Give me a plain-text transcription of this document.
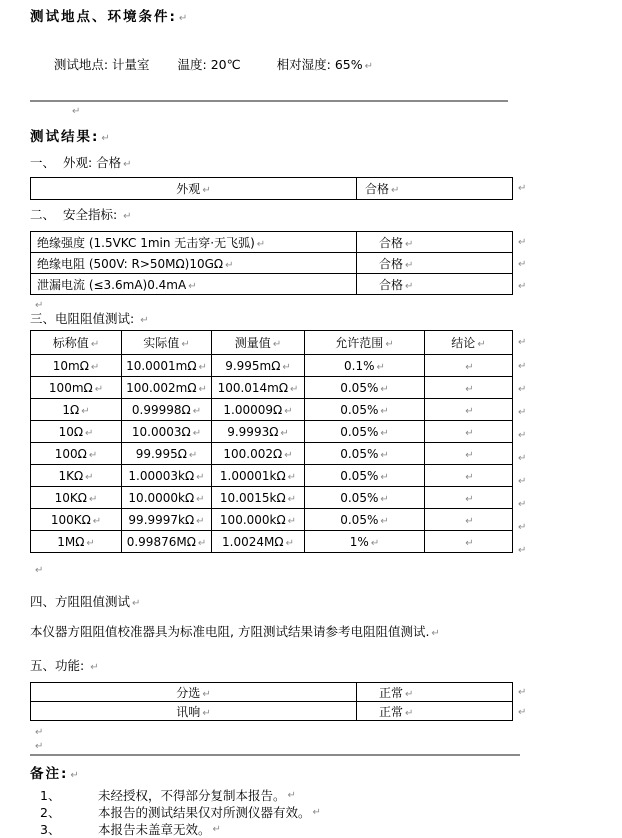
测试地点、环境条件: ↵

测试地点: 计量室 温度: 20℃	相对湿度: 65% ↵

↵
测试结果: ↵
一、  外观: 合格 ↵
外观 ↵	合格 ↵	↵
二、  安全指标: ↵
绝缘强度 (1.5VKC 1min 无击穿·无飞弧) ↵	合格 ↵
绝缘电阻 (500V: R>50MΩ)10GΩ ↵	合格 ↵
泄漏电流 (≤3.6mA)0.4mA ↵	合格 ↵
↵
↵
↵
↵
三、电阻阻值测试: ↵
标称值 ↵	实际值 ↵	测量值 ↵	允许范围 ↵	结论 ↵
10mΩ ↵	10.0001mΩ ↵	9.995mΩ ↵	0.1% ↵	↵
100mΩ ↵	100.002mΩ ↵	100.014mΩ ↵	0.05% ↵	↵
1Ω ↵	0.99998Ω ↵	1.00009Ω ↵	0.05% ↵	↵
10Ω ↵	10.0003Ω ↵	9.9993Ω ↵	0.05% ↵	↵
100Ω ↵	99.995Ω ↵	100.002Ω ↵	0.05% ↵	↵
1KΩ ↵	1.00003kΩ ↵	1.00001kΩ ↵	0.05% ↵	↵
10KΩ ↵	10.0000kΩ ↵	10.0015kΩ ↵	0.05% ↵	↵
100KΩ ↵	99.9997kΩ ↵	100.000kΩ ↵	0.05% ↵	↵
1MΩ ↵	0.99876MΩ ↵	1.0024MΩ ↵	1% ↵	↵
↵
↵
↵
↵
↵
↵
↵
↵
↵
↵
↵
四、方阻阻值测试 ↵
本仪器方阻阻值校准器具为标准电阻, 方阻测试结果请参考电阻阻值测试. ↵
五、功能: ↵
分选 ↵	正常 ↵
讯响 ↵	正常 ↵
↵
↵
↵
↵
备注: ↵
1、	未经授权，不得部分复制本报告。 ↵
2、	本报告的测试结果仅对所测仪器有效。 ↵
3、	本报告未盖章无效。 ↵
